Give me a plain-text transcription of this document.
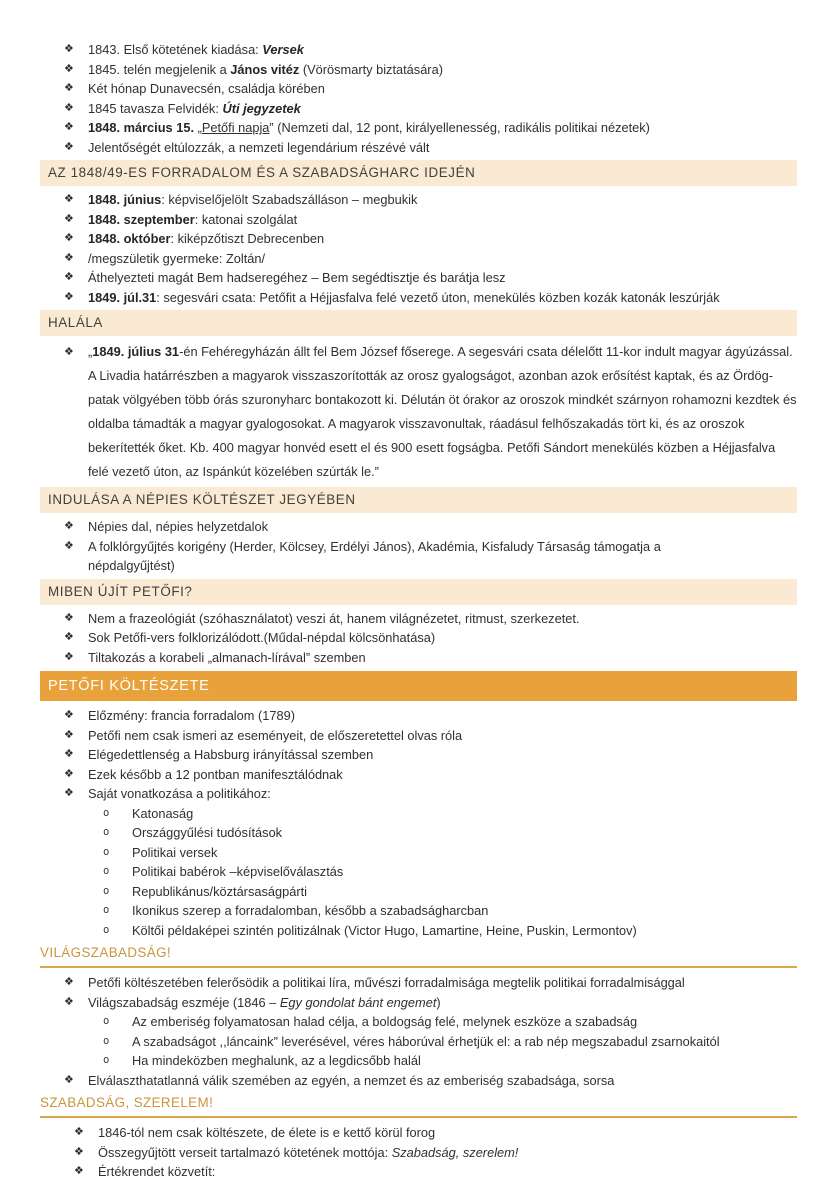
❖ 1843. Első kötetének kiadása: Versek
❖ 1845. telén megjelenik a János vitéz (Vörösmarty biztatására)
❖ Két hónap Dunavecsén, családja körében
❖ 1845 tavasza Felvidék: Úti jegyzetek
❖ 1848. március 15. „Petőfi napja” (Nemzeti dal, 12 pont, királyellenesség, radikális politikai nézetek)
❖ Jelentőségét eltúlozzák, a nemzeti legendárium részévé vált
AZ 1848/49-ES FORRADALOM ÉS A SZABADSÁGHARC IDEJÉN
❖ 1848. június: képviselőjelölt Szabadszálláson – megbukik
❖ 1848. szeptember: katonai szolgálat
❖ 1848. október: kiképzőtiszt Debrecenben
❖ /megszületik gyermeke: Zoltán/
❖ Áthelyezteti magát Bem hadseregéhez – Bem segédtisztje és barátja lesz
❖ 1849. júl.31: segesvári csata: Petőfit a Héjjasfalva felé vezető úton, menekülés közben kozák katonák leszúrják
HALÁLA
❖ „1849. július 31-én Fehéregyházán állt fel Bem József főserege. A segesvári csata délelőtt 11-kor indult magyar ágyúzással. A Livadia határrészben a magyarok visszaszorították az orosz gyalogságot, azonban azok erősítést kaptak, és az Ördög-patak völgyében több órás szuronyharc bontakozott ki. Délután öt órakor az oroszok mindkét szárnyon rohamozni kezdtek és oldalba támadták a magyar gyalogosokat. A magyarok visszavonultak, ráadásul felhőszakadás tört ki, és az oroszok bekerítették őket. Kb. 400 magyar honvéd esett el és 900 esett fogságba. Petőfi Sándort menekülés közben a Héjjasfalva felé vezető úton, az Ispánkút közelében szúrták le.”
INDULÁSA A NÉPIES KÖLTÉSZET JEGYÉBEN
❖ Népies dal, népies helyzetdalok
❖ A folklórgyűjtés korigény (Herder, Kölcsey, Erdélyi János), Akadémia, Kisfaludy Társaság támogatja a népdalgyűjtést)
MIBEN ÚJÍT PETŐFI?
❖ Nem a frazeológiát (szóhasználatot) veszi át, hanem világnézetet, ritmust, szerkezetet.
❖ Sok Petőfi-vers folklorizálódott.(Műdal-népdal kölcsönhatása)
❖ Tiltakozás a korabeli „almanach-lírával” szemben
PETŐFI KÖLTÉSZETE
❖ Előzmény: francia forradalom (1789)
❖ Petőfi nem csak ismeri az eseményeit, de előszeretettel olvas róla
❖ Elégedettlenség a Habsburg irányítással szemben
❖ Ezek később a 12 pontban manifesztálódnak
❖ Saját vonatkozása a politikához:
o Katonaság
o Országgyűlési tudósítások
o Politikai versek
o Politikai babérok –képviselőválasztás
o Republikánus/köztársaságpárti
o Ikonikus szerep a forradalomban, később a szabadságharcban
o Költői példaképei szintén politizálnak (Victor Hugo, Lamartine, Heine, Puskin, Lermontov)
VILÁGSZABADSÁG!
❖ Petőfi költészetében felerősödik a politikai líra, művészi forradalmisága megtelik politikai forradalmisággal
❖ Világszabadság eszméje (1846 – Egy gondolat bánt engemet)
o Az emberiség folyamatosan halad célja, a boldogság felé, melynek eszköze a szabadság
o A szabadságot ,,láncaink” leverésével, véres háborúval érhetjük el: a rab nép megszabadul zsarnokaitól
o Ha mindeközben meghalunk, az a legdicsőbb halál
❖ Elválaszthatatlanná válik szemében az egyén, a nemzet és az emberiség szabadsága, sorsa
SZABADSÁG, SZERELEM!
❖ 1846-tól nem csak költészete, de élete is e kettő körül forog
❖ Összegyűjtött verseit tartalmazó kötetének mottója: Szabadság, szerelem!
❖ Értékrendet közvetít:
